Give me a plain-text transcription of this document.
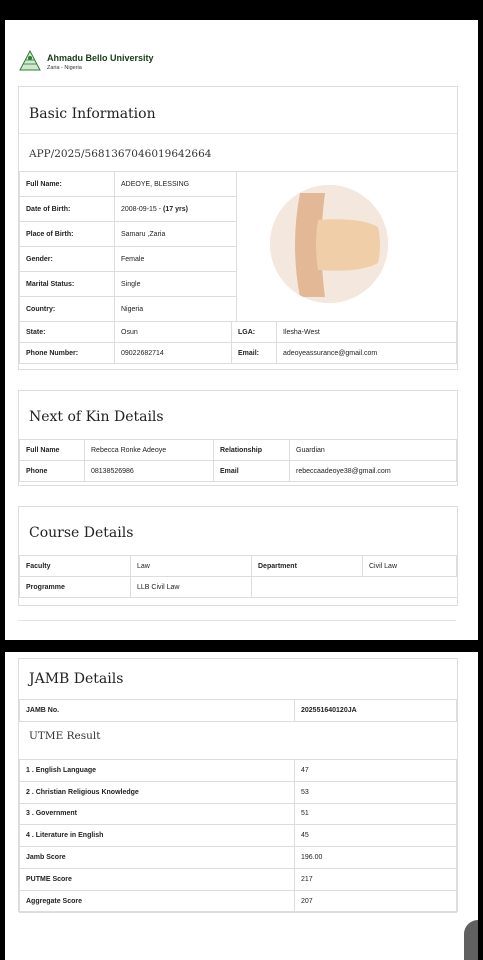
Ahmadu Bello University
Zaria - Nigeria
Basic Information
APP/2025/5681367046019642664
Full Name:	ADEOYE, BLESSING
Date of Birth:	2008-09-15 - (17 yrs)
Place of Birth:	Samaru ,Zaria
Gender:	Female
Marital Status:	Single
Country:	Nigeria
State:	Osun	LGA:	Ilesha-West
Phone Number:	09022682714	Email:	adeoyeassurance@gmail.com
Next of Kin Details
Full Name	Rebecca Ronke Adeoye	Relationship	Guardian
Phone	08138526986	Email	rebeccaadeoye38@gmail.com
Course Details
Faculty	Law	Department	Civil Law
Programme	LLB Civil Law		
JAMB Details
JAMB No.	202551640120JA
UTME Result
1 . English Language	47
2 . Christian Religious Knowledge	53
3 . Government	51
4 . Literature in English	45
Jamb Score	196.00
PUTME Score	217
Aggregate Score	207
